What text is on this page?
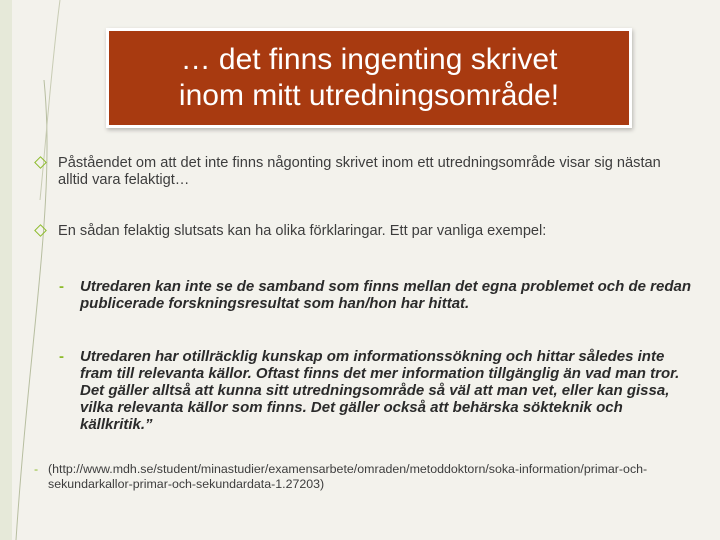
… det finns ingenting skrivet
inom mitt utredningsområde!
Påståendet om att det inte finns någonting skrivet inom ett utredningsområde visar sig nästan alltid vara felaktigt…
En sådan felaktig slutsats kan ha olika förklaringar. Ett par vanliga exempel:
- Utredaren kan inte se de samband som finns mellan det egna problemet och de redan publicerade forskningsresultat som han/hon har hittat.
- Utredaren har otillräcklig kunskap om informationssökning och hittar således inte fram till relevanta källor. Oftast finns det mer information tillgänglig än vad man tror. Det gäller alltså att kunna sitt utredningsområde så väl att man vet, eller kan gissa, vilka relevanta källor som finns. Det gäller också att behärska sökteknik och källkritik.”
- (http://www.mdh.se/student/minastudier/examensarbete/omraden/metoddoktorn/soka-information/primar-och-sekundarkallor-primar-och-sekundardata-1.27203)
